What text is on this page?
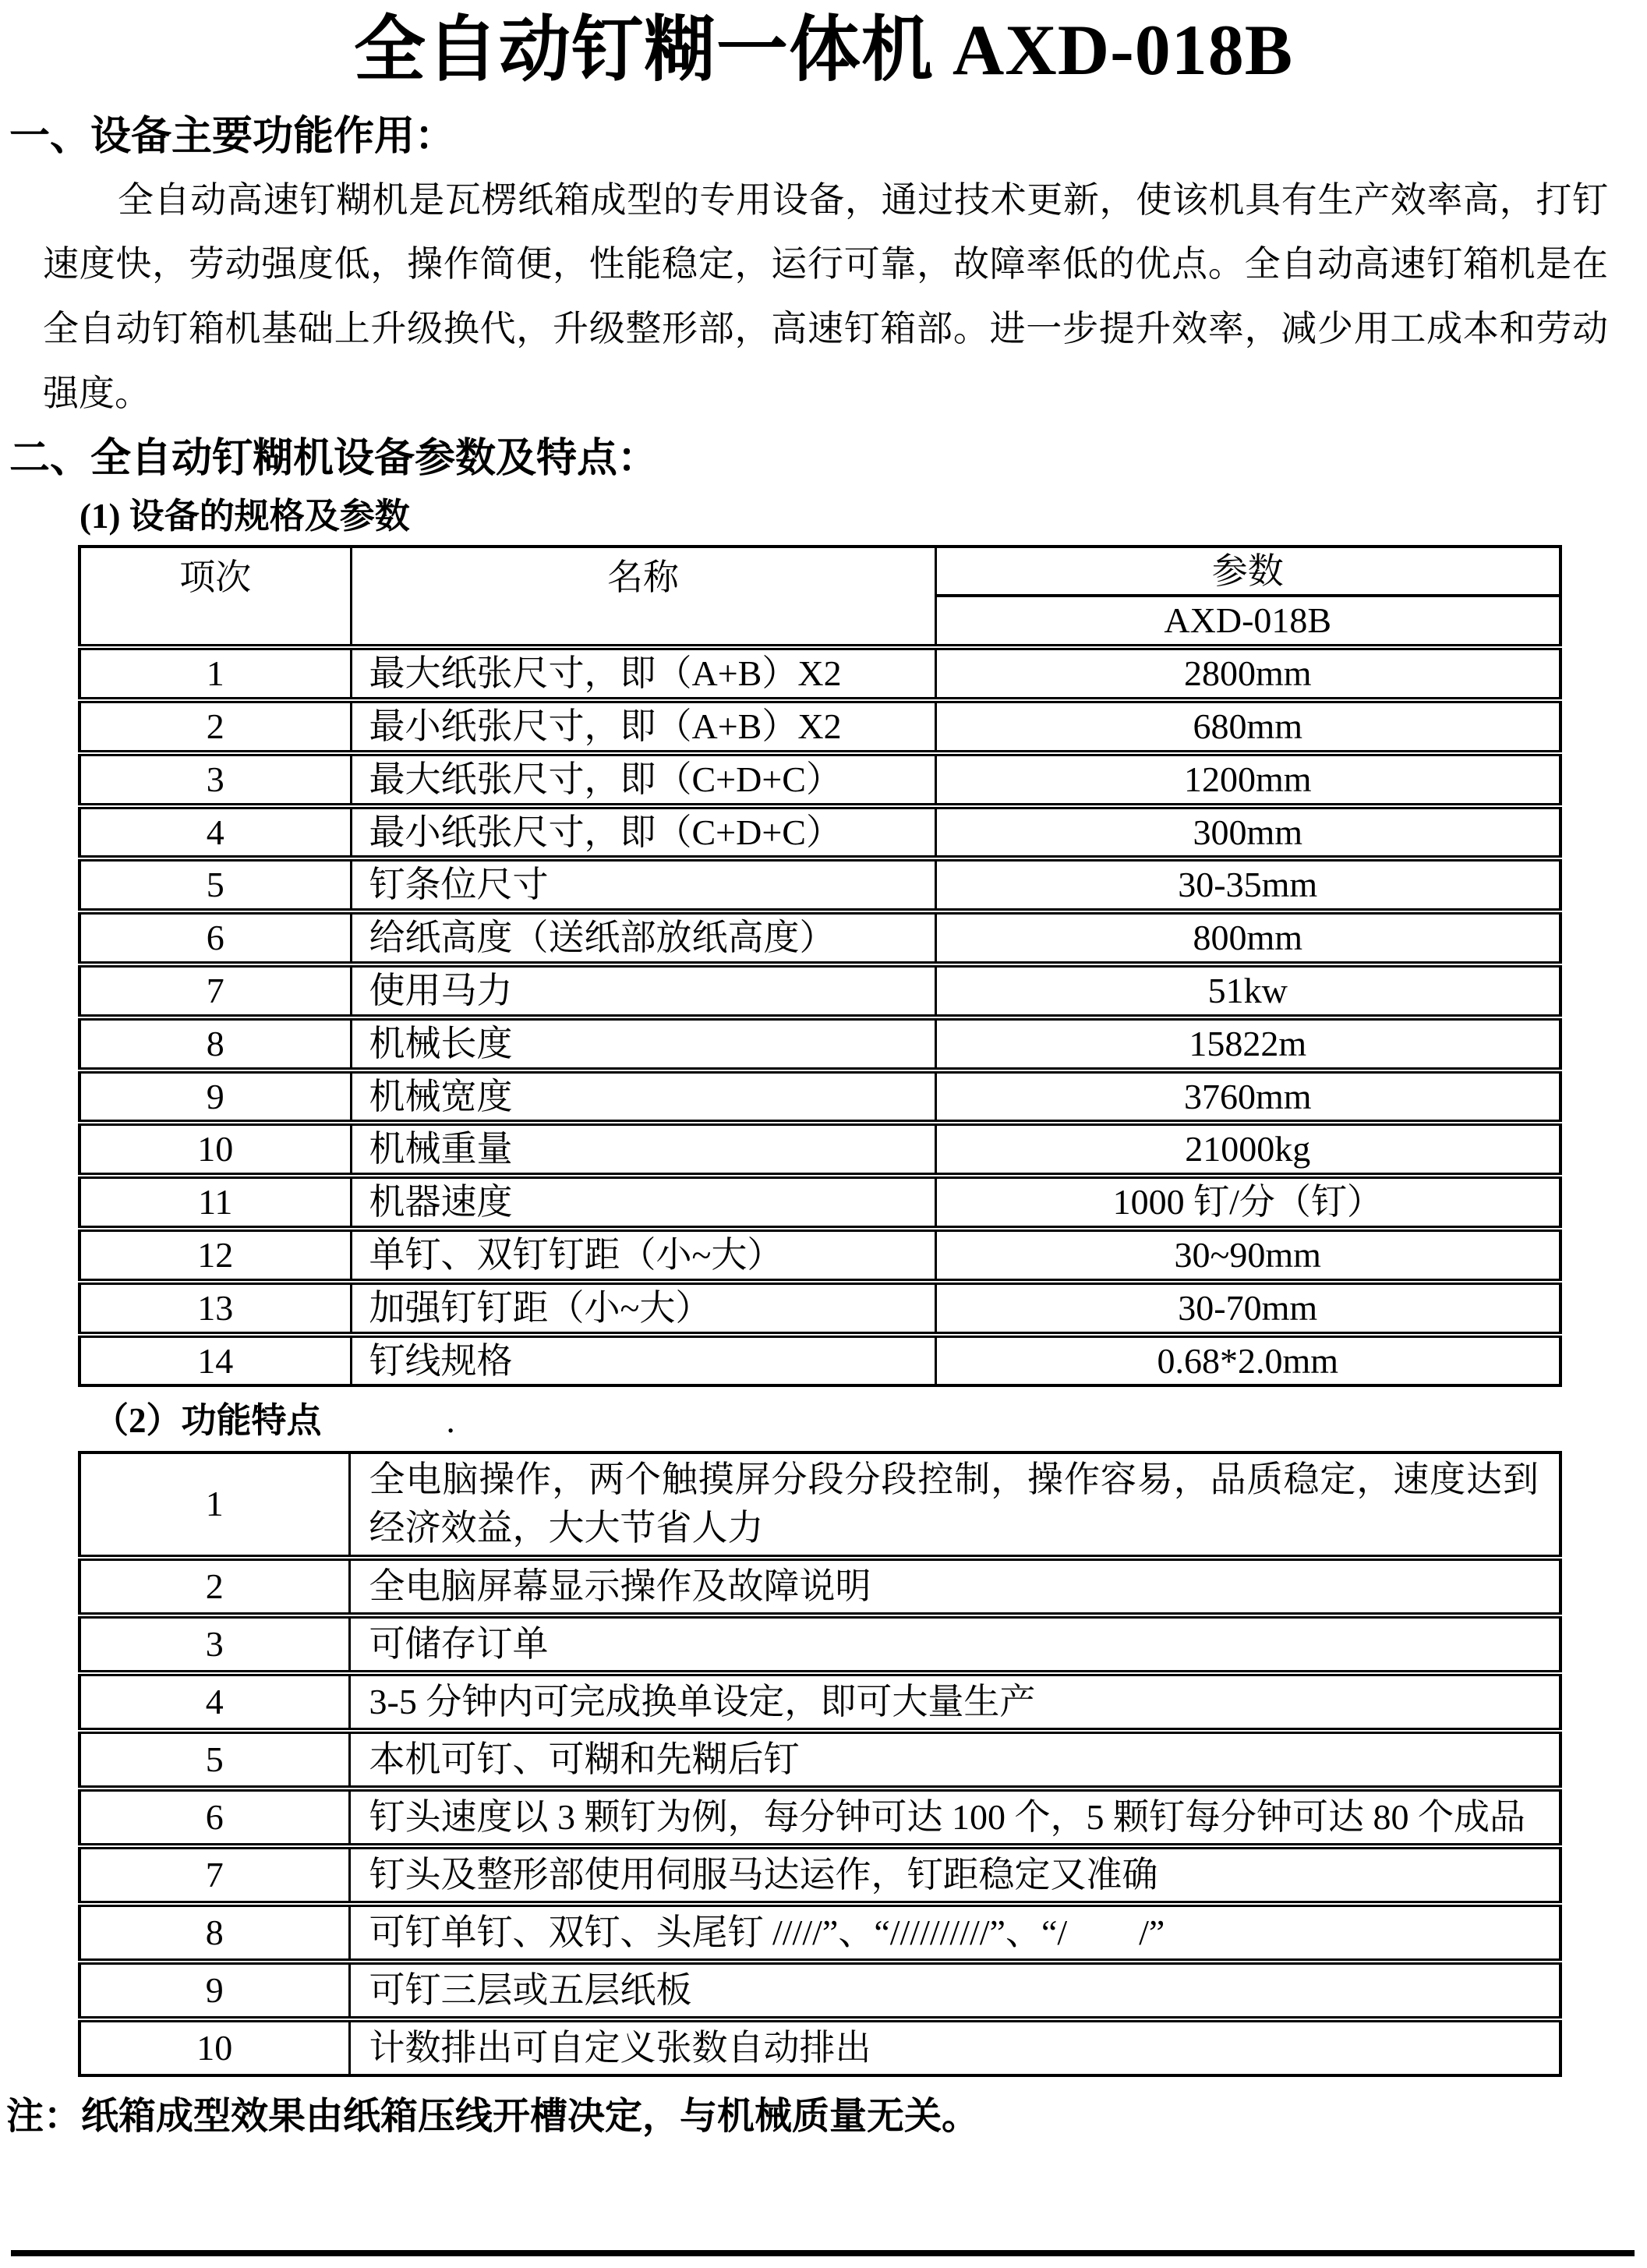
全自动钉糊一体机 AXD-018B
一、设备主要功能作用：

全自动高速钉糊机是瓦楞纸箱成型的专用设备，通过技术更新，使该机具有生产效率高，打钉速度快，劳动强度低，操作简便，性能稳定，运行可靠，故障率低的优点。全自动高速钉箱机是在全自动钉箱机基础上升级换代，升级整形部，高速钉箱部。进一步提升效率，减少用工成本和劳动强度。

二、全自动钉糊机设备参数及特点：
(1) 设备的规格及参数
项次	名称	参数
		AXD-018B
1	最大纸张尺寸，即（A+B）X2	2800mm
2	最小纸张尺寸，即（A+B）X2	680mm
3	最大纸张尺寸，即（C+D+C）	1200mm
4	最小纸张尺寸，即（C+D+C）	300mm
5	钉条位尺寸	30-35mm
6	给纸高度（送纸部放纸高度）	800mm
7	使用马力	51kw
8	机械长度	15822m
9	机械宽度	3760mm
10	机械重量	21000kg
11	机器速度	1000 钉/分（钉）
12	单钉、双钉钉距（小~大）	30~90mm
13	加强钉钉距（小~大）	30-70mm
14	钉线规格	0.68*2.0mm
（2）功能特点	.
1	全电脑操作，两个触摸屏分段分段控制，操作容易，品质稳定，速度达到经济效益，大大节省人力
2	全电脑屏幕显示操作及故障说明
3	可储存订单
4	3-5 分钟内可完成换单设定，即可大量生产
5	本机可钉、可糊和先糊后钉
6	钉头速度以 3 颗钉为例，每分钟可达 100 个，5 颗钉每分钟可达 80 个成品
7	钉头及整形部使用伺服马达运作，钉距稳定又准确
8	可钉单钉、双钉、头尾钉 /////”、“//////////”、“/　　/”
9	可钉三层或五层纸板
10	计数排出可自定义张数自动排出
注：纸箱成型效果由纸箱压线开槽决定，与机械质量无关。
